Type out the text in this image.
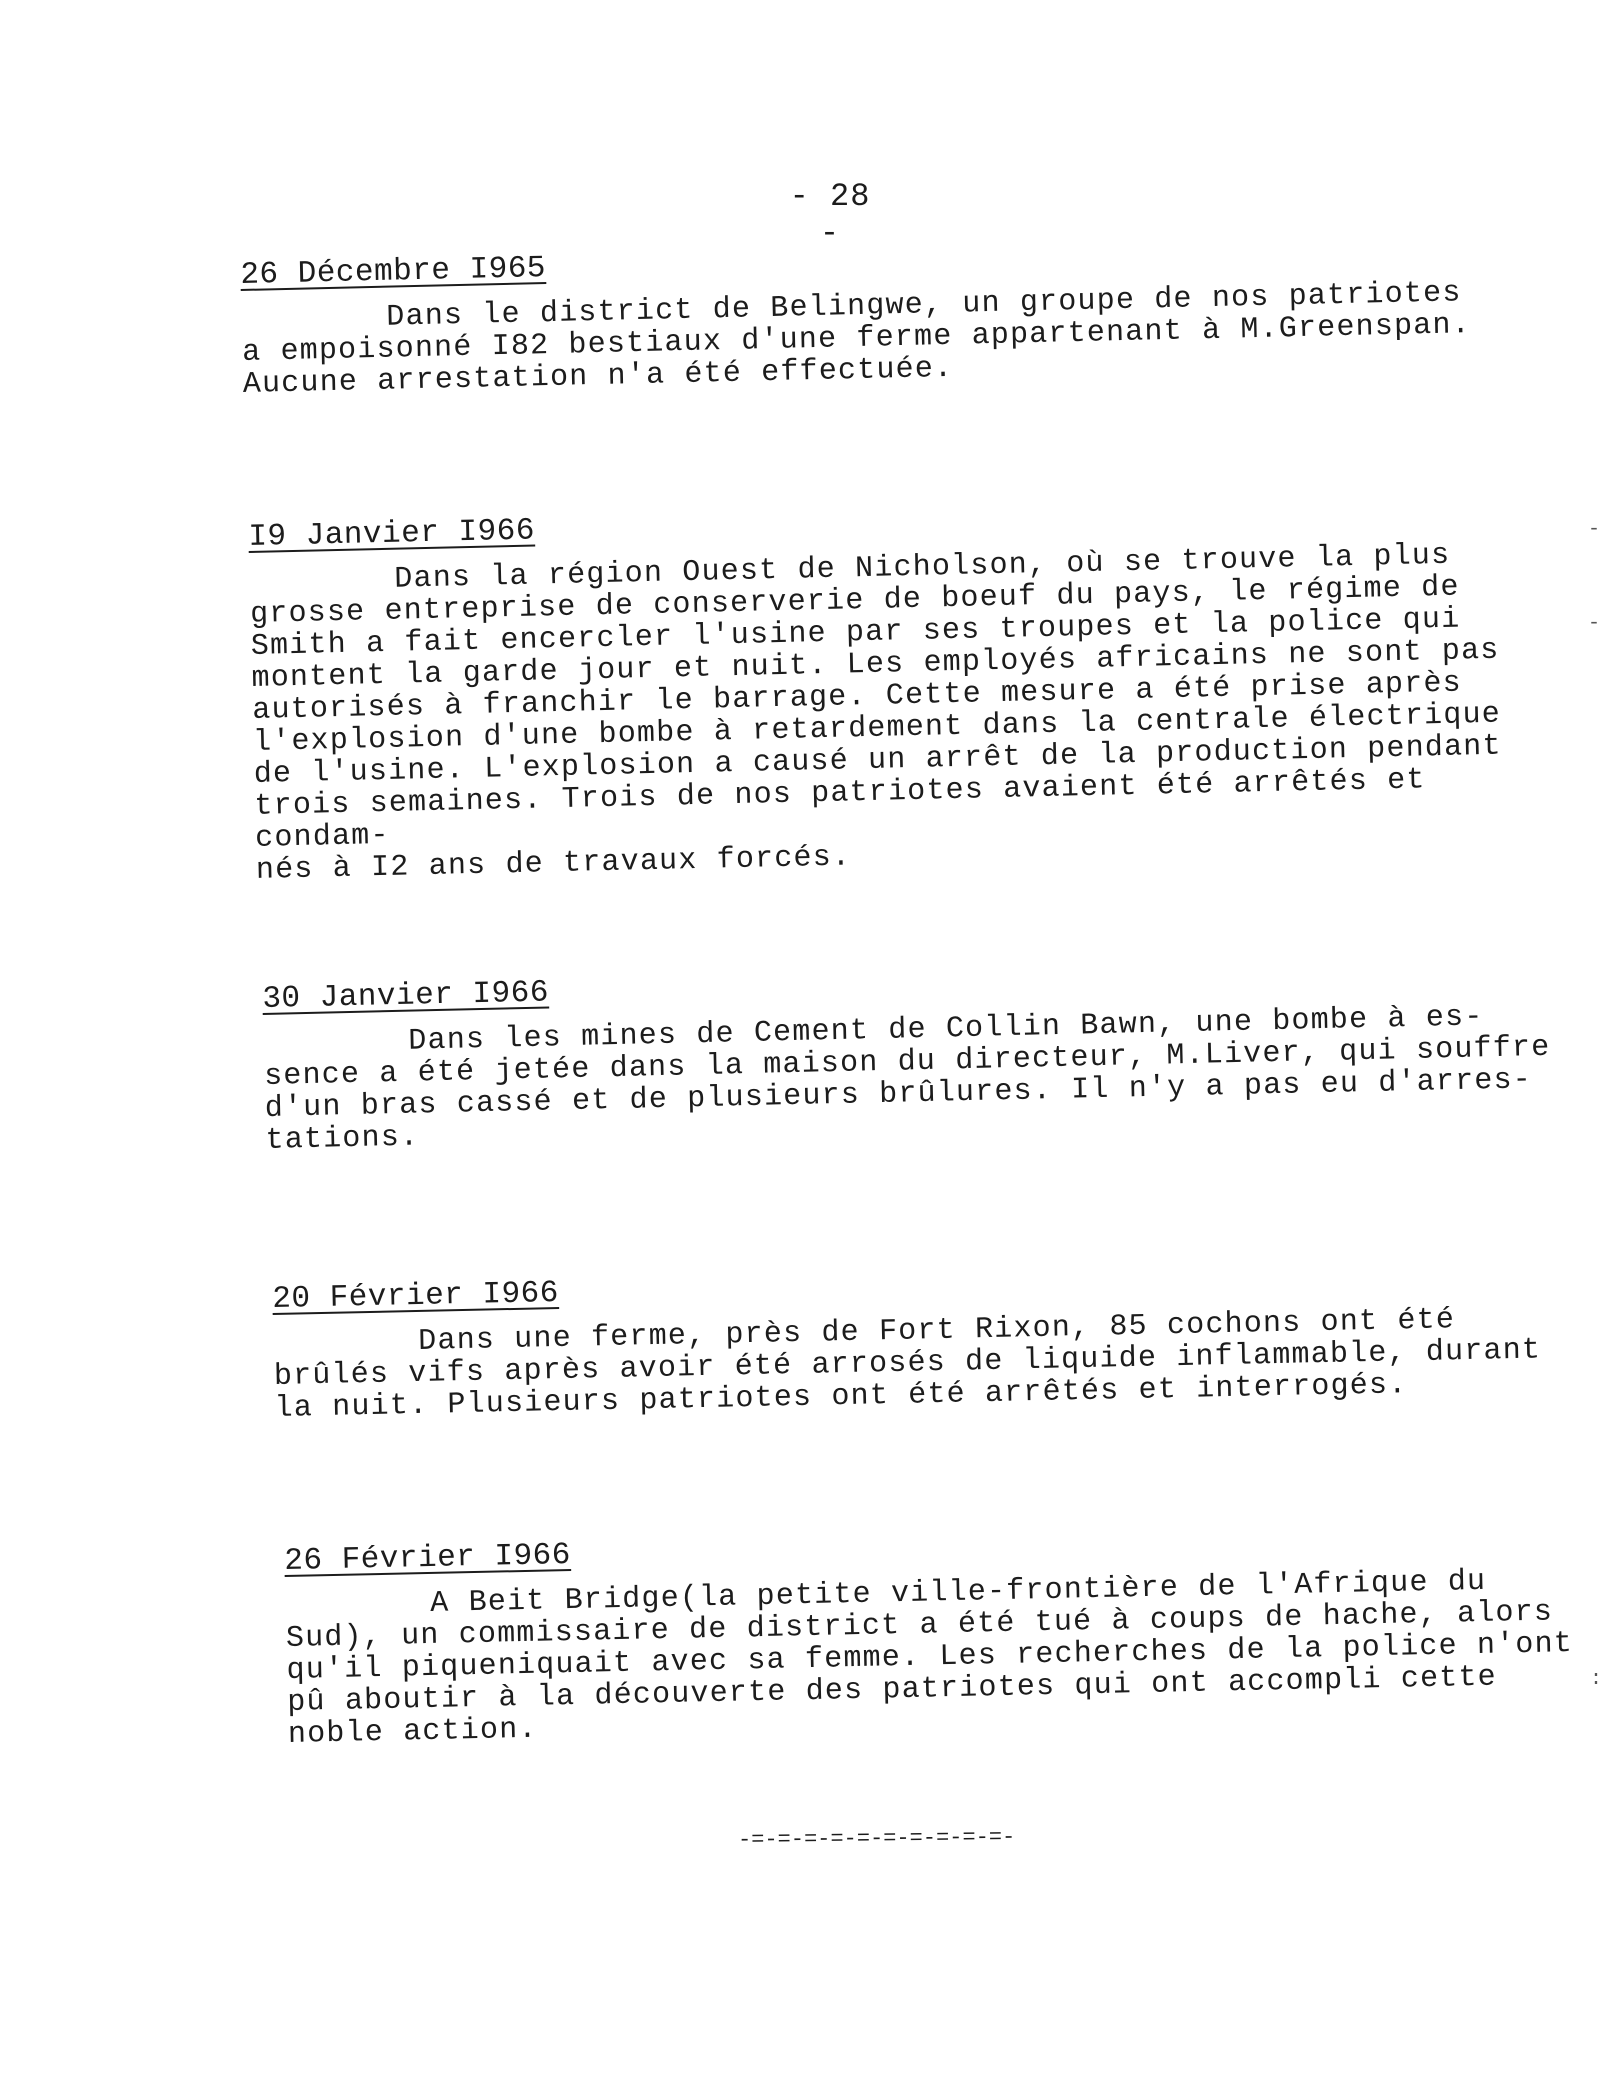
- 28 -

26 Décembre I965

Dans le district de Belingwe, un groupe de nos patriotes
a empoisonné I82 bestiaux d'une ferme appartenant à M.Greenspan.
Aucune arrestation n'a été effectuée.

I9 Janvier I966

Dans la région Ouest de Nicholson, où se trouve la plus
grosse entreprise de conserverie de boeuf du pays, le régime de
Smith a fait encercler l'usine par ses troupes et la police qui
montent la garde jour et nuit. Les employés africains ne sont pas
autorisés à franchir le barrage. Cette mesure a été prise après
l'explosion d'une bombe à retardement dans la centrale électrique
de l'usine. L'explosion a causé un arrêt de la production pendant
trois semaines. Trois de nos patriotes avaient été arrêtés et condam-
nés à I2 ans de travaux forcés.

30 Janvier I966

Dans les mines de Cement de Collin Bawn, une bombe à es-
sence a été jetée dans la maison du directeur, M.Liver, qui souffre
d'un bras cassé et de plusieurs brûlures. Il n'y a pas eu d'arres-
tations.

20 Février I966

Dans une ferme, près de Fort Rixon, 85 cochons ont été
brûlés vifs après avoir été arrosés de liquide inflammable, durant
la nuit. Plusieurs patriotes ont été arrêtés et interrogés.

26 Février I966

A Beit Bridge(la petite ville-frontière de l'Afrique du
Sud), un commissaire de district a été tué à coups de hache, alors
qu'il piqueniquait avec sa femme. Les recherches de la police n'ont
pû aboutir à la découverte des patriotes qui ont accompli cette
noble action.
-=-=-=-=-=-=-=-=-=-=-
-
-
:
